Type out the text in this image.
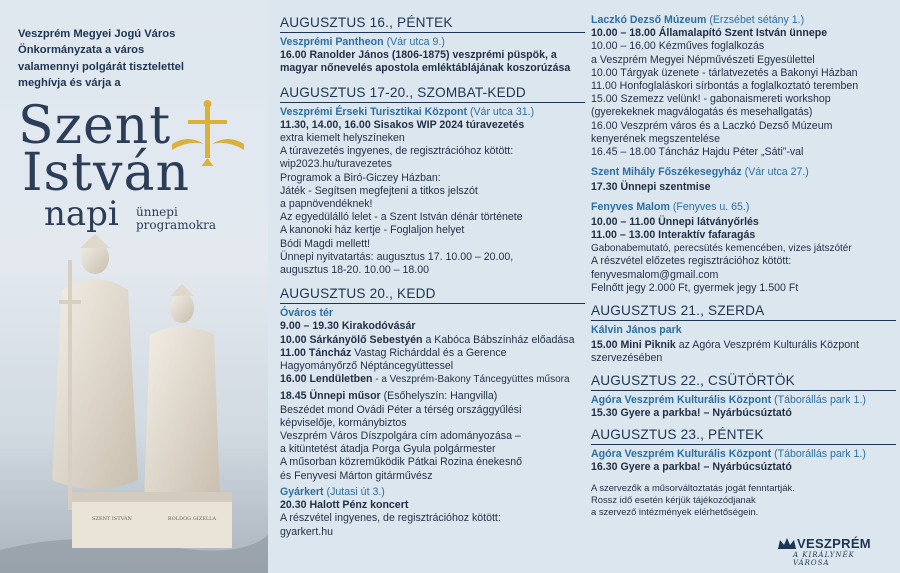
Veszprém Megyei Jogú Város
Önkormányzata a város
valamennyi polgárát tisztelettel
meghívja és várja a
Szent
István
napi ünnepi
programokra
SZENT ISTVÁN	BOLDOG GIZELLA
AUGUSZTUS 16., PÉNTEK
Veszprémi Pantheon (Vár utca 9.)
16.00 Ranolder János (1806-1875) veszprémi püspök, a
magyar nőnevelés apostola emléktáblájának koszorúzása
AUGUSZTUS 17-20., SZOMBAT-KEDD
Veszprémi Érseki Turisztikai Központ (Vár utca 31.)
11.30, 14.00, 16.00 Sisakos WIP 2024 túravezetés
extra kiemelt helyszíneken
A túravezetés ingyenes, de regisztrációhoz kötött:
wip2023.hu/turavezetes
Programok a Biró-Giczey Házban:
Játék - Segítsen megfejteni a titkos jelszót
a papnövendéknek!
Az egyedülálló lelet - a Szent István dénár története
A kanonoki ház kertje - Foglaljon helyet
Bódi Magdi mellett!
Ünnepi nyitvatartás: augusztus 17. 10.00 – 20.00,
augusztus 18-20. 10.00 – 18.00
AUGUSZTUS 20., KEDD
Óváros tér
9.00 – 19.30 Kirakodóvásár
10.00 Sárkányölő Sebestyén a Kabóca Bábszínház előadása
11.00 Táncház Vastag Richárddal és a Gerence
Hagyományőrző Néptáncegyüttessel
16.00 Lendületben - a Veszprém-Bakony Táncegyüttes műsora
18.45 Ünnepi műsor (Esőhelyszín: Hangvilla)
Beszédet mond Ovádi Péter a térség országgyűlési
képviselője, kormánybiztos
Veszprém Város Díszpolgára cím adományozása –
a kitüntetést átadja Porga Gyula polgármester
A műsorban közreműködik Pátkai Rozina énekesnő
és Fenyvesi Márton gitárművész
Gyárkert (Jutasi út 3.)
20.30 Halott Pénz koncert
A részvétel ingyenes, de regisztrációhoz kötött:
gyarkert.hu
Laczkó Dezső Múzeum (Erzsébet sétány 1.)
10.00 – 18.00 Államalapító Szent István ünnepe
10.00 – 16.00 Kézműves foglalkozás
a Veszprém Megyei Népművészeti Egyesülettel
10.00 Tárgyak üzenete - tárlatvezetés a Bakonyi Házban
11.00 Honfoglaláskori sírbontás a foglalkoztató teremben
15.00 Szemezz velünk! - gabonaismereti workshop
(gyerekeknek magválogatás és mesehallgatás)
16.00 Veszprém város és a Laczkó Dezső Múzeum
kenyerének megszentelése
16.45 – 18.00 Táncház Hajdu Péter „Sáti”-val
Szent Mihály Főszékesegyház (Vár utca 27.)
17.30 Ünnepi szentmise
Fenyves Malom (Fenyves u. 65.)
10.00 – 11.00 Ünnepi látványőrlés
11.00 – 13.00 Interaktív fafaragás
Gabonabemutató, perecsütés kemencében, vizes játszótér
A részvétel előzetes regisztrációhoz kötött:
fenyvesmalom@gmail.com
Felnőtt jegy 2.000 Ft, gyermek jegy 1.500 Ft
AUGUSZTUS 21., SZERDA
Kálvin János park
15.00 Mini Piknik az Agóra Veszprém Kulturális Központ
szervezésében
AUGUSZTUS 22., CSÜTÖRTÖK
Agóra Veszprém Kulturális Központ (Táborállás park 1.)
15.30 Gyere a parkba! – Nyárbúcsúztató
AUGUSZTUS 23., PÉNTEK
Agóra Veszprém Kulturális Központ (Táborállás park 1.)
16.30 Gyere a parkba! – Nyárbúcsúztató
A szervezők a műsorváltoztatás jogát fenntartják.
Rossz idő esetén kérjük tájékozódjanak
a szervező intézmények elérhetőségein.
VESZPRÉM
A KIRÁLYNÉK VÁROSA
